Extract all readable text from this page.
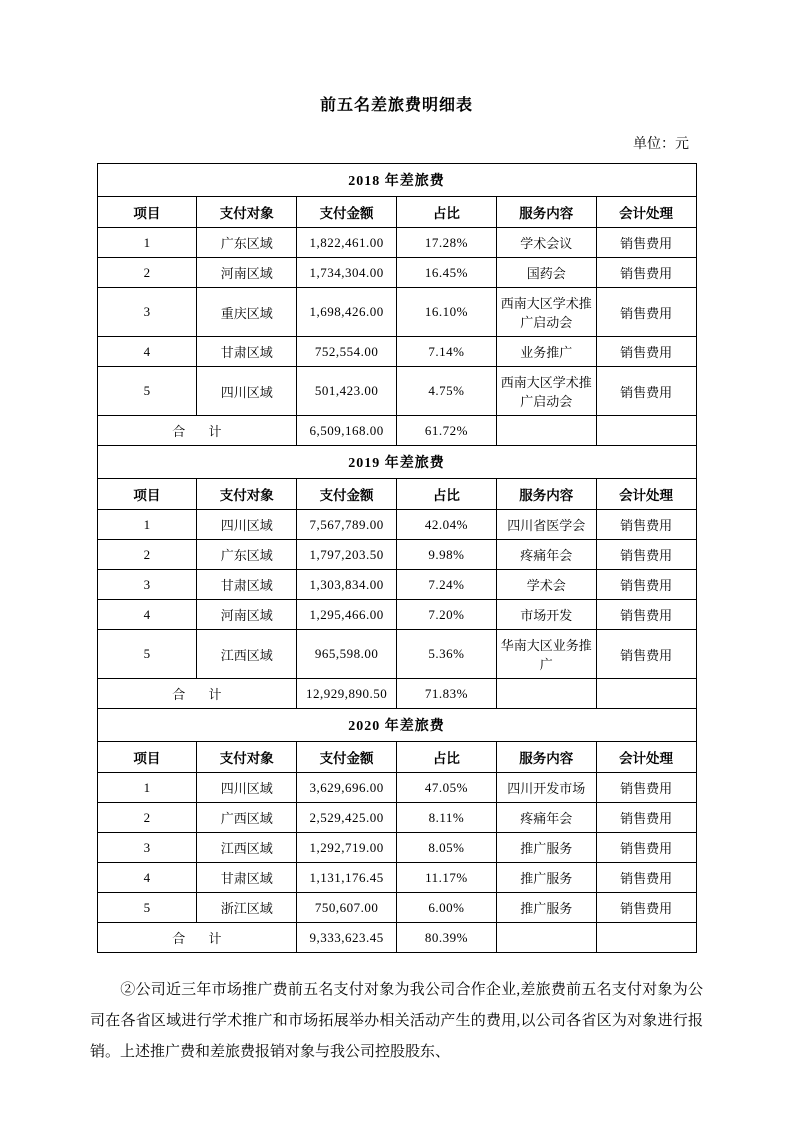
前五名差旅费明细表
单位：元
2018 年差旅费					
项目	支付对象	支付金额	占比	服务内容	会计处理
1	广东区域	1,822,461.00	17.28%	学术会议	销售费用
2	河南区域	1,734,304.00	16.45%	国药会	销售费用
3	重庆区域	1,698,426.00	16.10%	西南大区学术推广启动会	销售费用
4	甘肃区域	752,554.00	7.14%	业务推广	销售费用
5	四川区域	501,423.00	4.75%	西南大区学术推广启动会	销售费用
合 计		6,509,168.00	61.72%		
2019 年差旅费					
项目	支付对象	支付金额	占比	服务内容	会计处理
1	四川区域	7,567,789.00	42.04%	四川省医学会	销售费用
2	广东区域	1,797,203.50	9.98%	疼痛年会	销售费用
3	甘肃区域	1,303,834.00	7.24%	学术会	销售费用
4	河南区域	1,295,466.00	7.20%	市场开发	销售费用
5	江西区域	965,598.00	5.36%	华南大区业务推广	销售费用
合 计		12,929,890.50	71.83%		
2020 年差旅费					
项目	支付对象	支付金额	占比	服务内容	会计处理
1	四川区域	3,629,696.00	47.05%	四川开发市场	销售费用
2	广西区域	2,529,425.00	8.11%	疼痛年会	销售费用
3	江西区域	1,292,719.00	8.05%	推广服务	销售费用
4	甘肃区域	1,131,176.45	11.17%	推广服务	销售费用
5	浙江区域	750,607.00	6.00%	推广服务	销售费用
合 计		9,333,623.45	80.39%		
②公司近三年市场推广费前五名支付对象为我公司合作企业,差旅费前五名支付对象为公司在各省区域进行学术推广和市场拓展举办相关活动产生的费用,以公司各省区为对象进行报销。上述推广费和差旅费报销对象与我公司控股股东、
